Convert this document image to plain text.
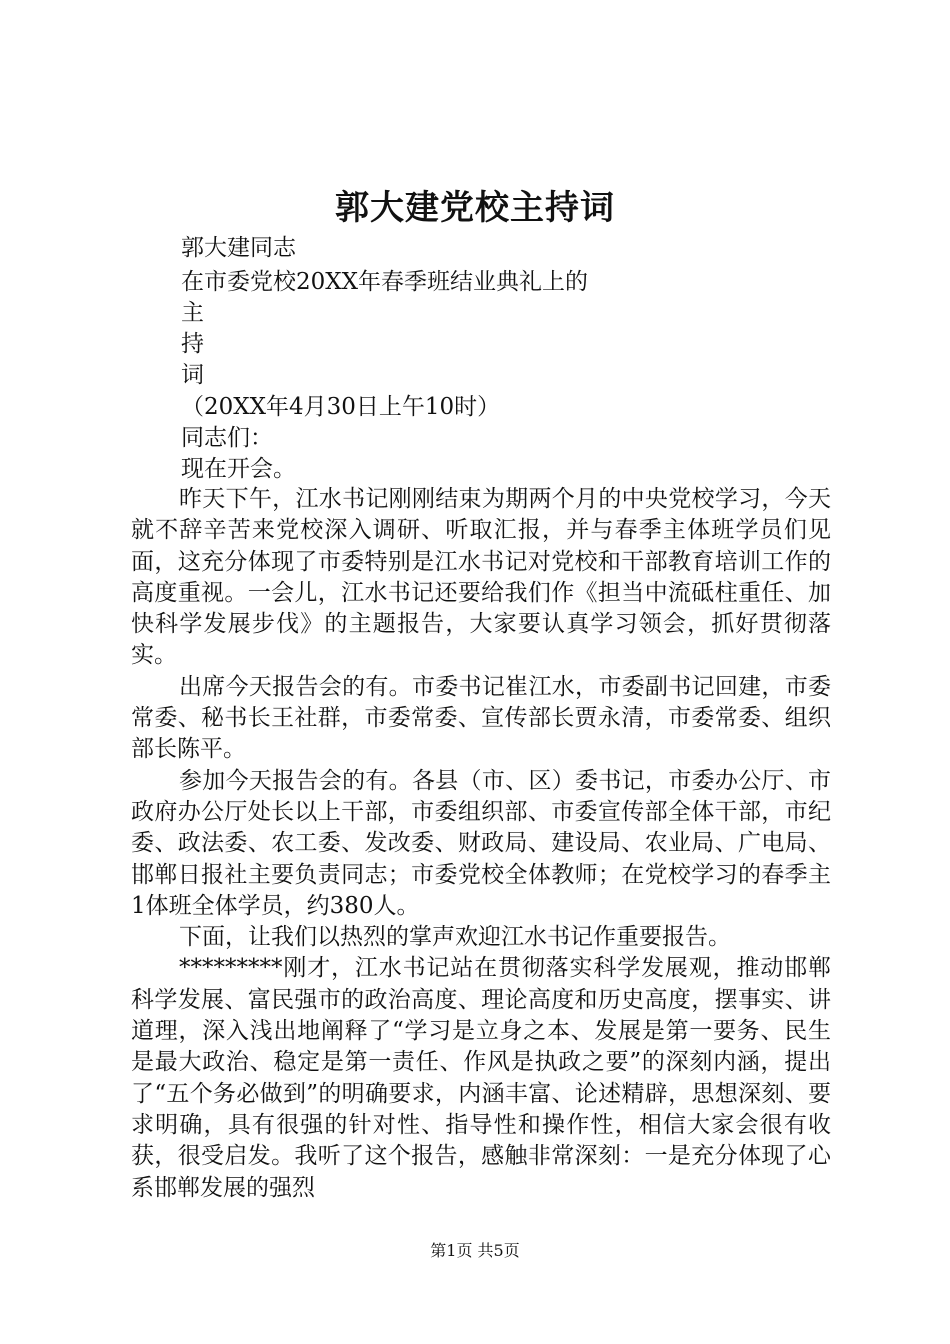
郭大建党校主持词
郭大建同志
在市委党校20XX年春季班结业典礼上的
主
持
词
（20XX年4月30日上午10时）
同志们：
现在开会。

昨天下午，江水书记刚刚结束为期两个月的中央党校学习，今天就不辞辛苦来党校深入调研、听取汇报，并与春季主体班学员们见面，这充分体现了市委特别是江水书记对党校和干部教育培训工作的高度重视。一会儿，江水书记还要给我们作《担当中流砥柱重任、加快科学发展步伐》的主题报告，大家要认真学习领会，抓好贯彻落实。

出席今天报告会的有。市委书记崔江水，市委副书记回建，市委常委、秘书长王社群，市委常委、宣传部长贾永清，市委常委、组织部长陈平。

参加今天报告会的有。各县（市、区）委书记，市委办公厅、市政府办公厅处长以上干部，市委组织部、市委宣传部全体干部，市纪委、政法委、农工委、发改委、财政局、建设局、农业局、广电局、邯郸日报社主要负责同志；市委党校全体教师；在党校学习的春季主1体班全体学员，约380人。

下面，让我们以热烈的掌声欢迎江水书记作重要报告。

*********刚才，江水书记站在贯彻落实科学发展观，推动邯郸科学发展、富民强市的政治高度、理论高度和历史高度，摆事实、讲道理，深入浅出地阐释了“学习是立身之本、发展是第一要务、民生是最大政治、稳定是第一责任、作风是执政之要”的深刻内涵，提出了“五个务必做到”的明确要求，内涵丰富、论述精辟，思想深刻、要求明确，具有很强的针对性、指导性和操作性，相信大家会很有收获，很受启发。我听了这个报告，感触非常深刻：一是充分体现了心系邯郸发展的强烈

第1页 共5页
